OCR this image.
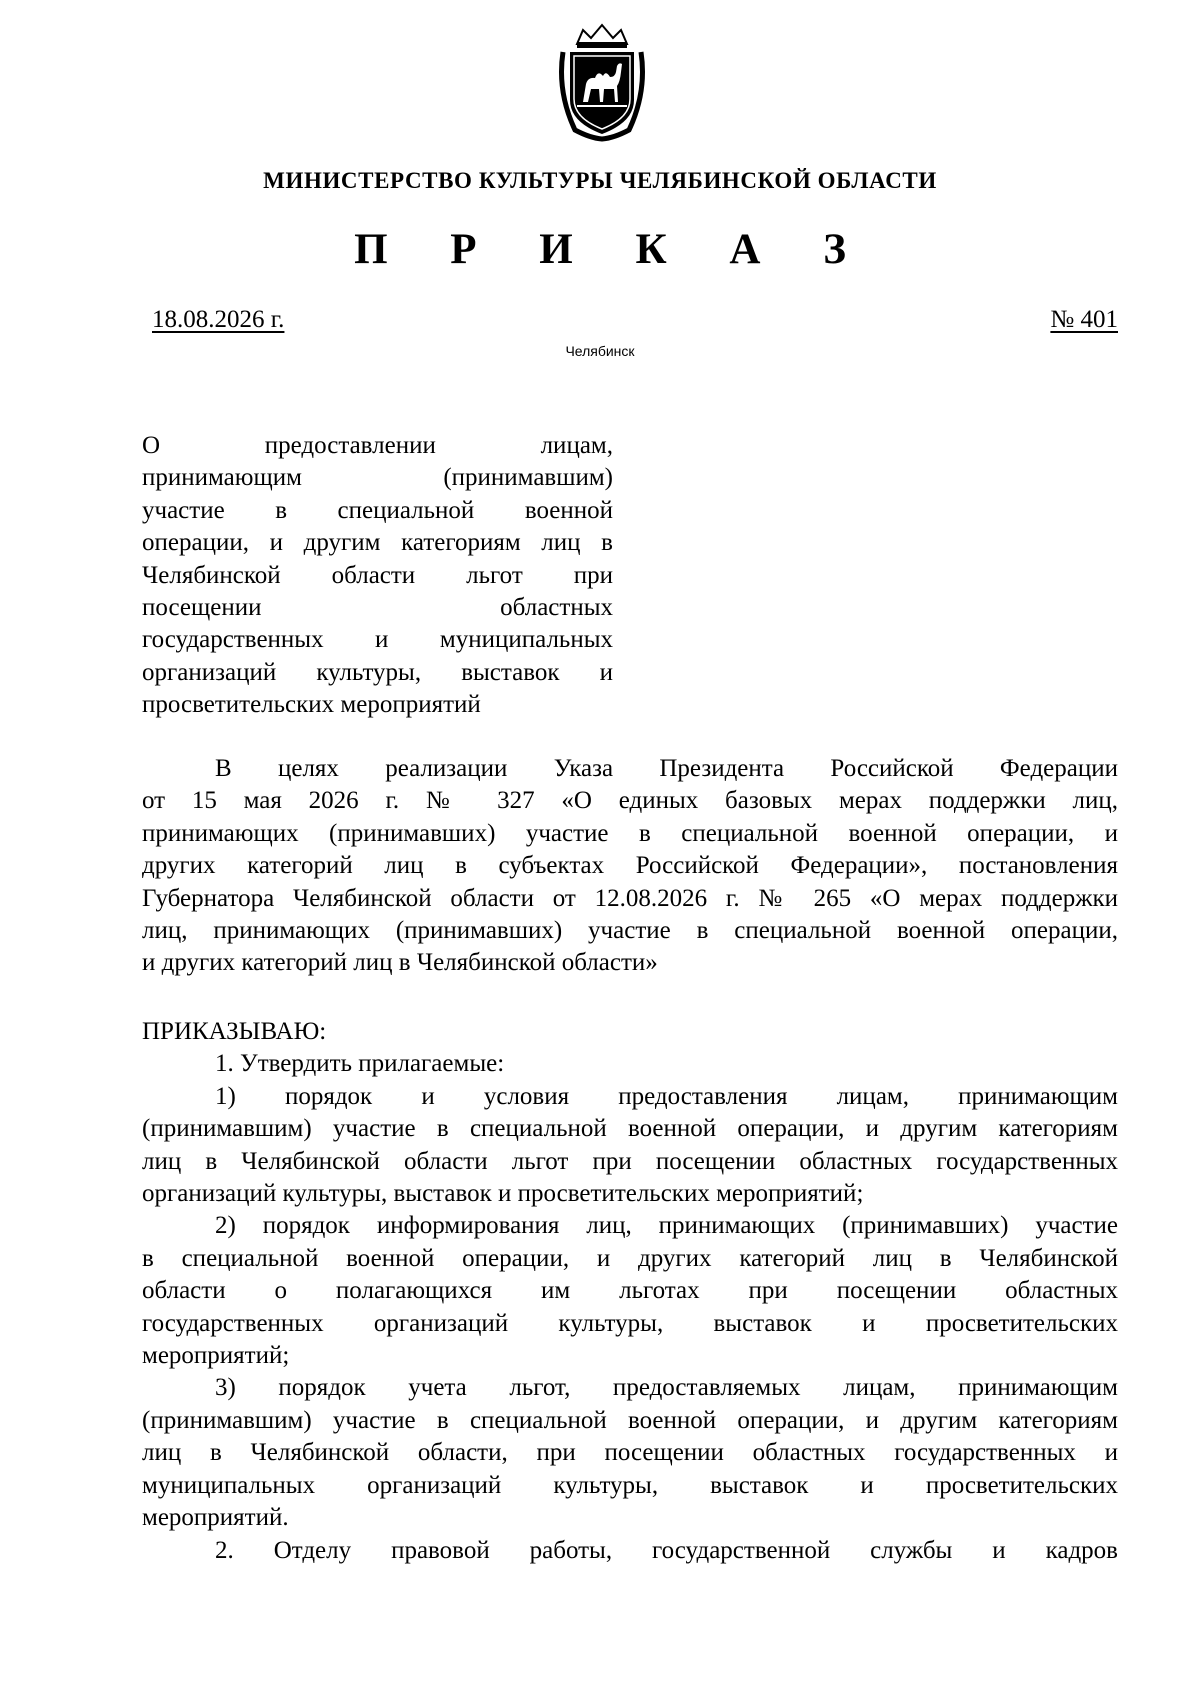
МИНИСТЕРСТВО КУЛЬТУРЫ ЧЕЛЯБИНСКОЙ ОБЛАСТИ
П Р И К А З
18.08.2026 г.	№ 401
Челябинск
О предоставлении лицам,
принимающим (принимавшим)
участие в специальной военной
операции, и другим категориям лиц в
Челябинской области льгот при
посещении областных
государственных и муниципальных
организаций культуры, выставок и
просветительских мероприятий
В целях реализации Указа Президента Российской Федерации
от 15 мая 2026 г. № 327 «О единых базовых мерах поддержки лиц,
принимающих (принимавших) участие в специальной военной операции, и
других категорий лиц в субъектах Российской Федерации», постановления
Губернатора Челябинской области от 12.08.2026 г. № 265 «О мерах поддержки
лиц, принимающих (принимавших) участие в специальной военной операции,
и других категорий лиц в Челябинской области»
ПРИКАЗЫВАЮ:
1. Утвердить прилагаемые:
1) порядок и условия предоставления лицам, принимающим
(принимавшим) участие в специальной военной операции, и другим категориям
лиц в Челябинской области льгот при посещении областных государственных
организаций культуры, выставок и просветительских мероприятий;
2) порядок информирования лиц, принимающих (принимавших) участие
в специальной военной операции, и других категорий лиц в Челябинской
области о полагающихся им льготах при посещении областных
государственных организаций культуры, выставок и просветительских
мероприятий;
3) порядок учета льгот, предоставляемых лицам, принимающим
(принимавшим) участие в специальной военной операции, и другим категориям
лиц в Челябинской области, при посещении областных государственных и
муниципальных организаций культуры, выставок и просветительских
мероприятий.
2. Отделу правовой работы, государственной службы и кадров
